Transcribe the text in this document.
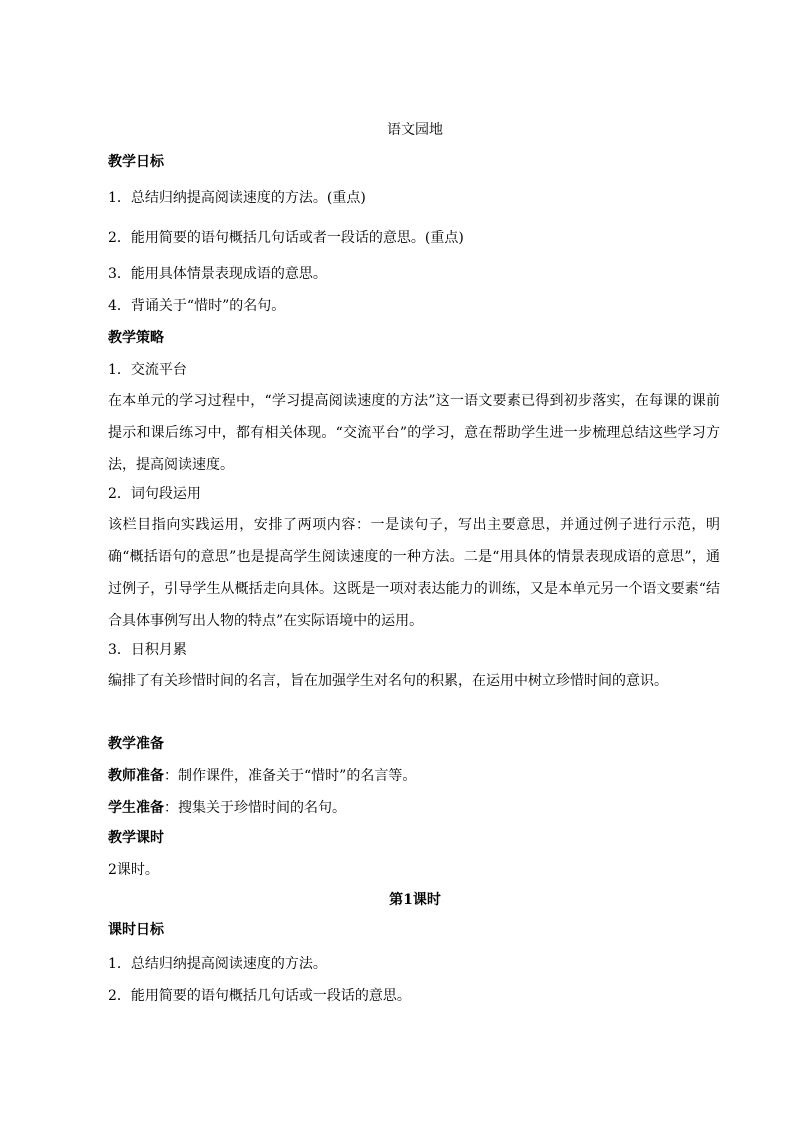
语文园地
教学日标
1．总结归纳提高阅读速度的方法。(重点)
2．能用简要的语句概括几句话或者一段话的意思。(重点)
3．能用具体情景表现成语的意思。
4．背诵关于“惜时”的名句。
教学策略
1．交流平台
在本单元的学习过程中，“学习提高阅读速度的方法”这一语文要素已得到初步落实，在每课的课前提示和课后练习中，都有相关体现。“交流平台”的学习，意在帮助学生进一步梳理总结这些学习方法，提高阅读速度。
2．词句段运用
该栏目指向实践运用，安排了两项内容：一是读句子，写出主要意思，并通过例子进行示范，明确“概括语句的意思”也是提高学生阅读速度的一种方法。二是“用具体的情景表现成语的意思”，通过例子，引导学生从概括走向具体。这既是一项对表达能力的训练，又是本单元另一个语文要素“结合具体事例写出人物的特点”在实际语境中的运用。
3．日积月累
编排了有关珍惜时间的名言，旨在加强学生对名句的积累，在运用中树立珍惜时间的意识。
教学准备
教师准备：制作课件，准备关于“惜时”的名言等。
学生准备：搜集关于珍惜时间的名句。
教学课时
2课时。
第1课时
课时日标
1．总结归纳提高阅读速度的方法。
2．能用简要的语句概括几句话或一段话的意思。
